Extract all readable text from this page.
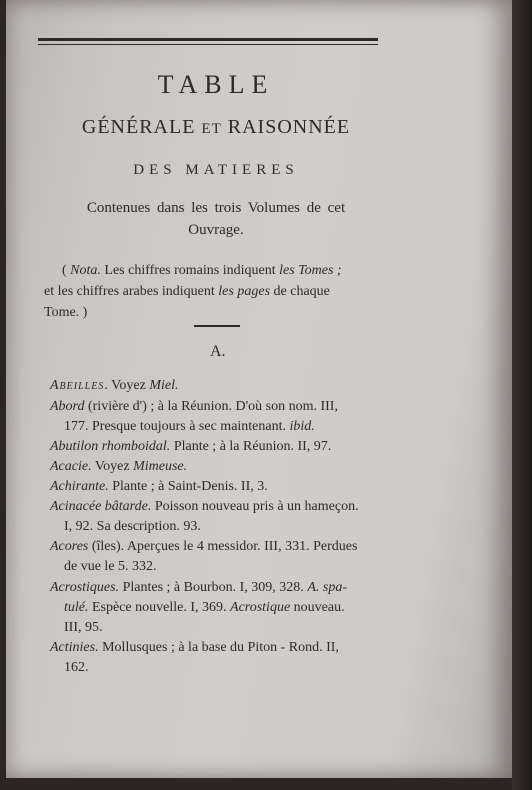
TABLE
GÉNÉRALE ET RAISONNÉE
DES MATIERES
Contenues dans les trois Volumes de cet
Ouvrage.
( Nota. Les chiffres romains indiquent les Tomes ;
et les chiffres arabes indiquent les pages de chaque
Tome. )
A.
Abeilles. Voyez Miel.
Abord (rivière d') ; à la Réunion. D'où son nom. III,
177. Presque toujours à sec maintenant. ibid.
Abutilon rhomboidal. Plante ; à la Réunion. II, 97.
Acacie. Voyez Mimeuse.
Achirante. Plante ; à Saint-Denis. II, 3.
Acinacée bâtarde. Poisson nouveau pris à un hameçon.
I, 92. Sa description. 93.
Acores (îles). Aperçues le 4 messidor. III, 331. Perdues
de vue le 5. 332.
Acrostiques. Plantes ; à Bourbon. I, 309, 328. A. spa-
tulé. Espèce nouvelle. I, 369. Acrostique nouveau.
III, 95.
Actinies. Mollusques ; à la base du Piton - Rond. II,
162.
